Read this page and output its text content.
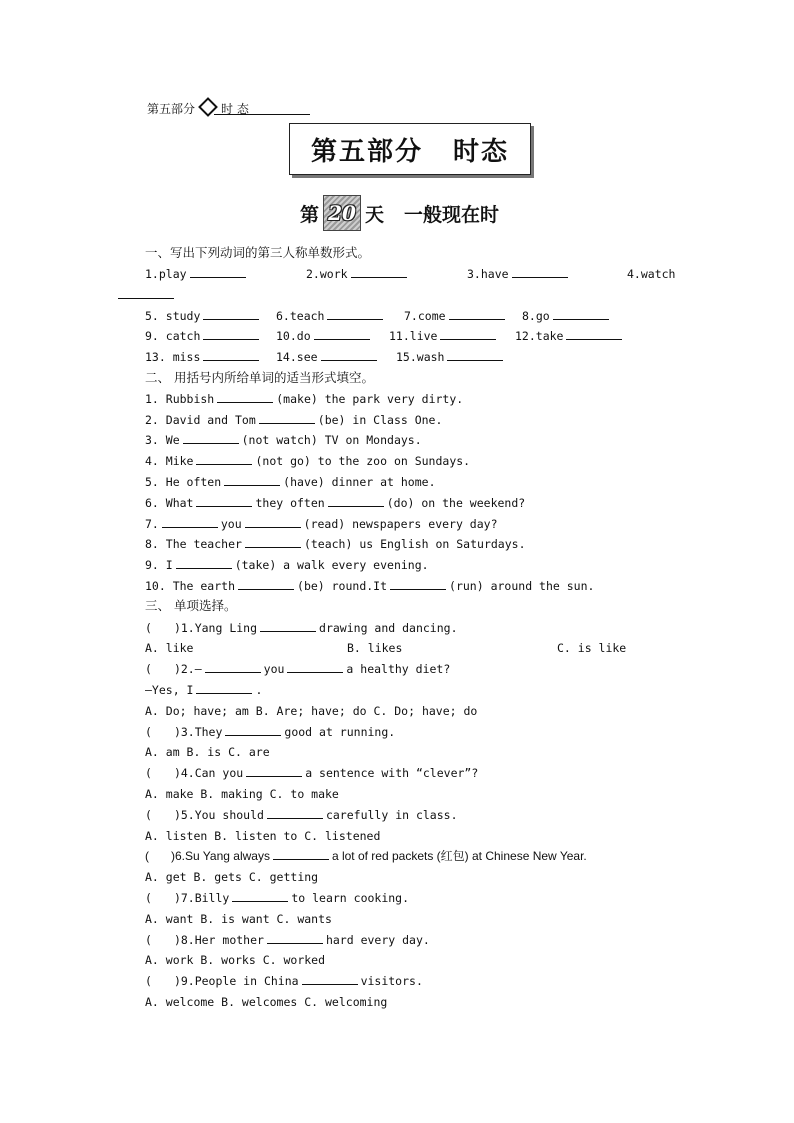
第五部分 时 态
第五部分 时态
第 20 天 一般现在时
一、写出下列动词的第三人称单数形式。
1.play	2.work	3.have	4.watch
5. study	6.teach	7.come	8.go
9. catch	10.do	11.live	12.take
13. miss	14.see	15.wash
二、 用括号内所给单词的适当形式填空。
1. Rubbish	(make) the park very dirty.
2. David and Tom	(be) in Class One.
3. We	(not watch) TV on Mondays.
4. Mike	(not go) to the zoo on Sundays.
5. He often	(have) dinner at home.
6. What	they often	(do) on the weekend?
7.	you	(read) newspapers every day?
8. The teacher	(teach) us English on Saturdays.
9. I	(take) a walk every evening.
10. The earth	(be) round.It	(run) around the sun.
三、 单项选择。
( )1.Yang Ling	drawing and dancing.
A. like	B. likes	C. is like
( )2.—	you	a healthy diet?
—Yes, I	.
A. Do; have; am B. Are; have; do C. Do; have; do
( )3.They	good at running.
A. am B. is C. are
( )4.Can you	a sentence with “clever”?
A. make B. making C. to make
( )5.You should	carefully in class.
A. listen B. listen to C. listened
( )6.Su Yang always	a lot of red packets (红包) at Chinese New Year.
A. get B. gets C. getting
( )7.Billy	to learn cooking.
A. want B. is want C. wants
( )8.Her mother	hard every day.
A. work B. works C. worked
( )9.People in China	visitors.
A. welcome B. welcomes C. welcoming
